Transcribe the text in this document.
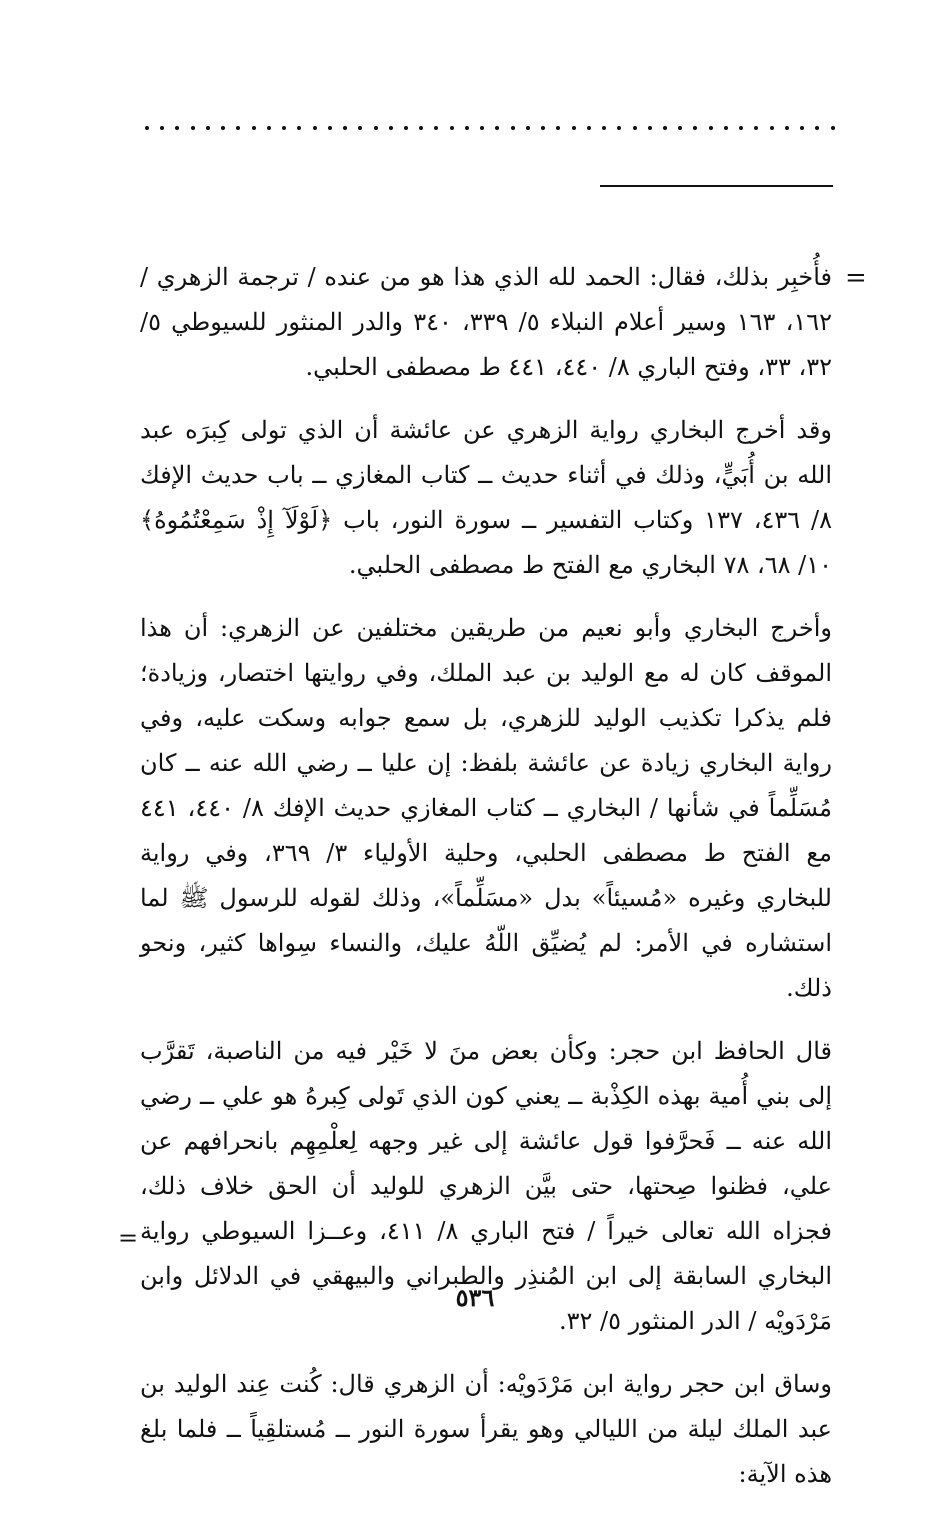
=

فأُخبِر بذلك، فقال: الحمد لله الذي هذا هو من عنده / ترجمة الزهري / ١٦٢، ١٦٣ وسير أعلام النبلاء ٥/ ٣٣٩، ٣٤٠ والدر المنثور للسيوطي ٥/ ٣٢، ٣٣، وفتح الباري ٨/ ٤٤٠، ٤٤١ ط مصطفى الحلبي.

وقد أخرج البخاري رواية الزهري عن عائشة أن الذي تولى كِبرَه عبد الله بن أُبَيٍّ، وذلك في أثناء حديث ــ كتاب المغازي ــ باب حديث الإفك ٨/ ٤٣٦، ١٣٧ وكتاب التفسير ــ سورة النور، باب ﴿لَوْلَآ إِذْ سَمِعْتُمُوهُ﴾ ١٠/ ٦٨، ٧٨ البخاري مع الفتح ط مصطفى الحلبي.

وأخرج البخاري وأبو نعيم من طريقين مختلفين عن الزهري: أن هذا الموقف كان له مع الوليد بن عبد الملك، وفي روايتها اختصار، وزيادة؛ فلم يذكرا تكذيب الوليد للزهري، بل سمع جوابه وسكت عليه، وفي رواية البخاري زيادة عن عائشة بلفظ: إن عليا ــ رضي الله عنه ــ كان مُسَلِّماً في شأنها / البخاري ــ كتاب المغازي حديث الإفك ٨/ ٤٤٠، ٤٤١ مع الفتح ط مصطفى الحلبي، وحلية الأولياء ٣/ ٣٦٩، وفي رواية للبخاري وغيره «مُسيئاً» بدل «مسَلِّماً»، وذلك لقوله للرسول ﷺ لما استشاره في الأمر: لم يُضيِّق اللّهُ عليك، والنساء سِواها كثير، ونحو ذلك.

قال الحافظ ابن حجر: وكأن بعض منَ لا خَيْر فيه من الناصبة، تَقرَّب إلى بني أُمية بهذه الكِذْبة ــ يعني كون الذي تَولى كِبرهُ هو علي ــ رضي الله عنه ــ فَحرَّفوا قول عائشة إلى غير وجهه لِعلْمِهِم بانحرافهم عن علي، فظنوا صِحتها، حتى بيَّن الزهري للوليد أن الحق خلاف ذلك، فجزاه الله تعالى خيراً / فتح الباري ٨/ ٤١١، وعــزا السيوطي رواية البخاري السابقة إلى ابن المُنذِر والطبراني والبيهقي في الدلائل وابن مَرْدَويْه / الدر المنثور ٥/ ٣٢.

وساق ابن حجر رواية ابن مَرْدَويْه: أن الزهري قال: كُنت عِند الوليد بن عبد الملك ليلة من الليالي وهو يقرأ سورة النور ــ مُستلقِياً ــ فلما بلغ هذه الآية:

=
٥٣٦
